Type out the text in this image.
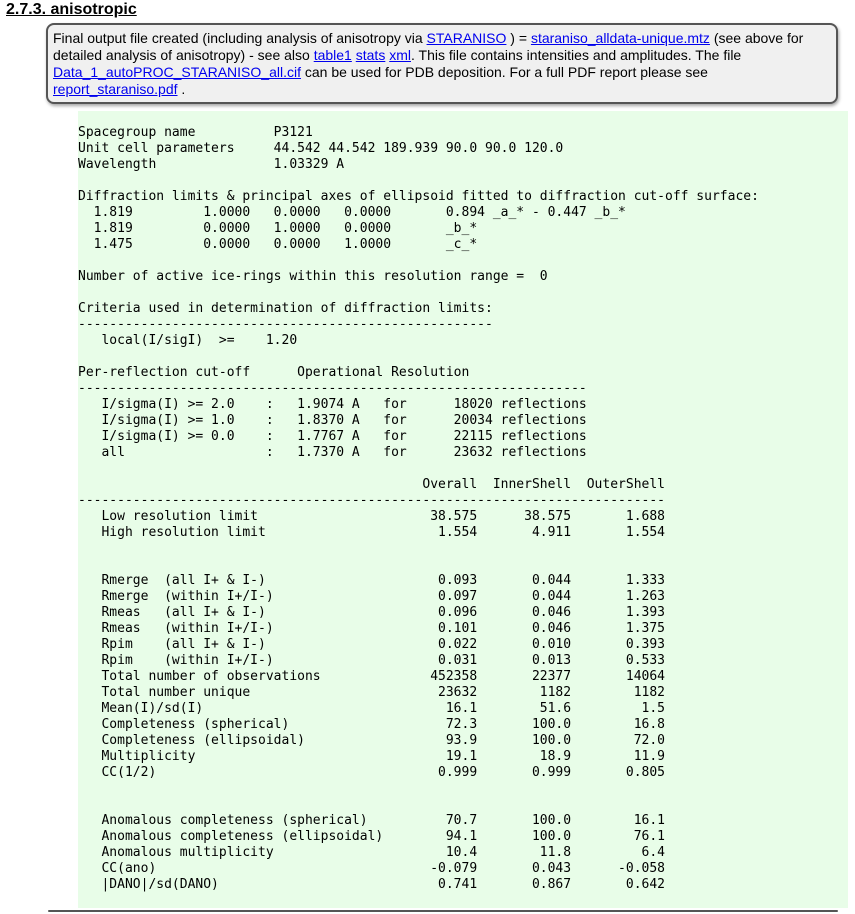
2.7.3. anisotropic
Final output file created (including analysis of anisotropy via STARANISO ) = staraniso_alldata-unique.mtz (see above for detailed analysis of anisotropy) - see also table1 stats xml. This file contains intensities and amplitudes. The file Data_1_autoPROC_STARANISO_all.cif can be used for PDB deposition. For a full PDF report please see report_staraniso.pdf .
Spacegroup name          P3121
Unit cell parameters     44.542 44.542 189.939 90.0 90.0 120.0
Wavelength               1.03329 A

Diffraction limits & principal axes of ellipsoid fitted to diffraction cut-off surface:
1.819         1.0000   0.0000   0.0000       0.894 _a_* - 0.447 _b_*
1.819         0.0000   1.0000   0.0000       _b_*
1.475         0.0000   0.0000   1.0000       _c_*

Number of active ice-rings within this resolution range =  0

Criteria used in determination of diffraction limits:
-----------------------------------------------------
local(I/sigI)  >=    1.20

Per-reflection cut-off      Operational Resolution
-----------------------------------------------------------------
I/sigma(I) >= 2.0    :   1.9074 A   for      18020 reflections
I/sigma(I) >= 1.0    :   1.8370 A   for      20034 reflections
I/sigma(I) >= 0.0    :   1.7767 A   for      22115 reflections
all                  :   1.7370 A   for      23632 reflections

Overall  InnerShell  OuterShell
---------------------------------------------------------------------------
Low resolution limit                      38.575      38.575       1.688
High resolution limit                      1.554       4.911       1.554

Rmerge  (all I+ & I-)                      0.093       0.044       1.333
Rmerge  (within I+/I-)                     0.097       0.044       1.263
Rmeas   (all I+ & I-)                      0.096       0.046       1.393
Rmeas   (within I+/I-)                     0.101       0.046       1.375
Rpim    (all I+ & I-)                      0.022       0.010       0.393
Rpim    (within I+/I-)                     0.031       0.013       0.533
Total number of observations              452358       22377       14064
Total number unique                        23632        1182        1182
Mean(I)/sd(I)                               16.1        51.6         1.5
Completeness (spherical)                    72.3       100.0        16.8
Completeness (ellipsoidal)                  93.9       100.0        72.0
Multiplicity                                19.1        18.9        11.9
CC(1/2)                                    0.999       0.999       0.805

Anomalous completeness (spherical)          70.7       100.0        16.1
Anomalous completeness (ellipsoidal)        94.1       100.0        76.1
Anomalous multiplicity                      10.4        11.8         6.4
CC(ano)                                   -0.079       0.043      -0.058
|DANO|/sd(DANO)                            0.741       0.867       0.642
